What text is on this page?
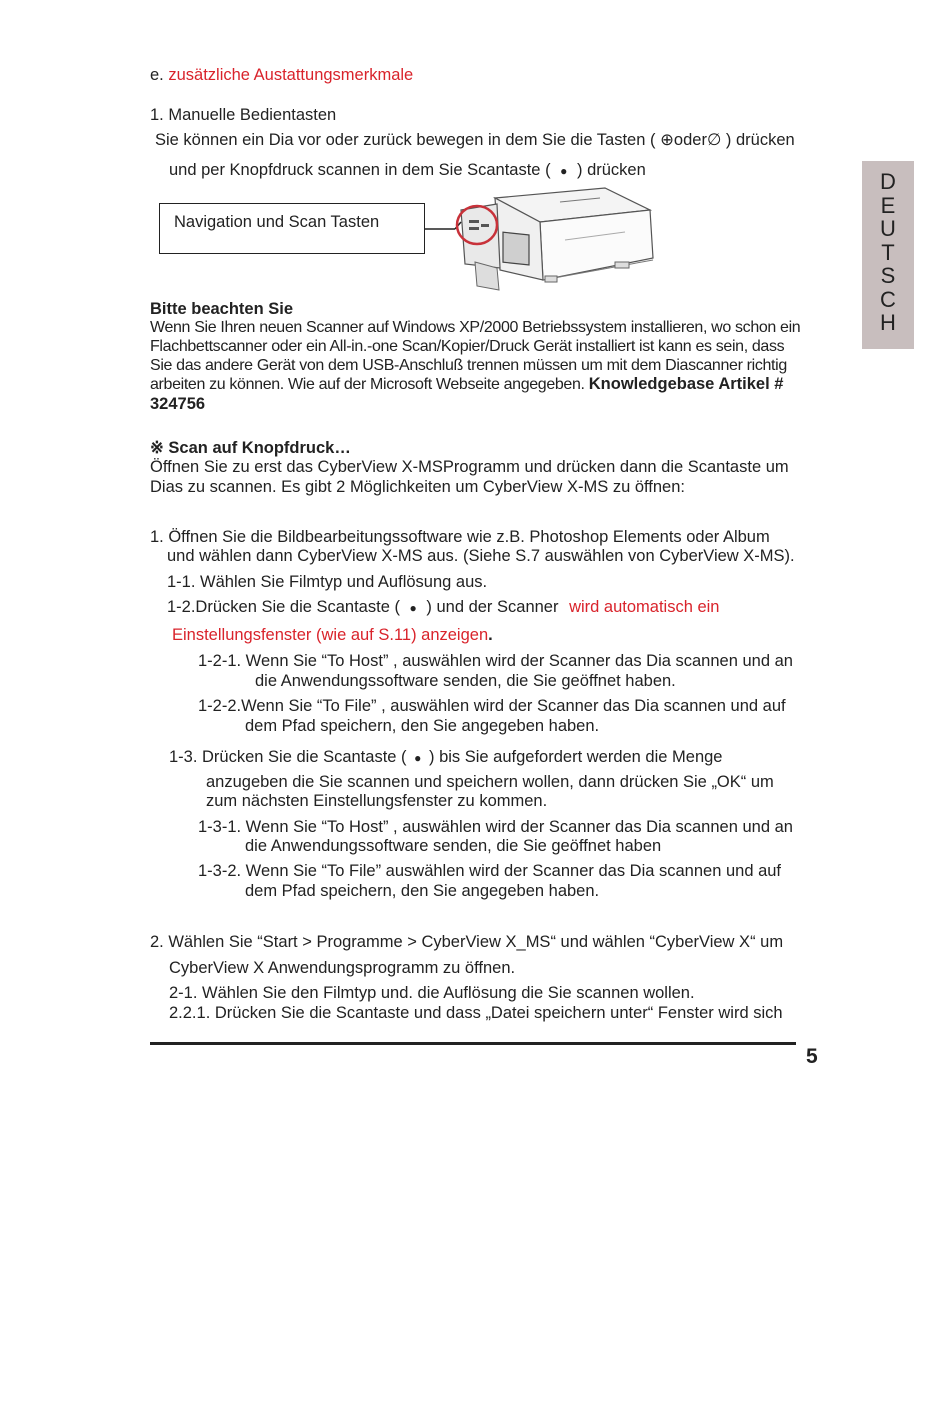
e. zusätzliche Austattungsmerkmale
1. Manuelle Bedientasten
Sie können ein Dia vor oder zurück bewegen in dem Sie die Tasten ( ⊕oder∅ ) drücken
und per Knopfdruck scannen in dem Sie Scantaste ( ● ) drücken
Navigation und Scan Tasten
D
E
U
T
S
C
H
Bitte beachten Sie
Wenn Sie Ihren neuen Scanner auf Windows XP/2000 Betriebssystem installieren, wo schon ein
Flachbettscanner oder ein All-in.-one Scan/Kopier/Druck Gerät installiert ist kann es sein, dass
Sie das andere Gerät von dem USB-Anschluß trennen müssen um mit dem Diascanner richtig
arbeiten zu können. Wie auf der Microsoft Webseite angegeben. Knowledgebase Artikel #
324756
※ Scan auf Knopfdruck…
Öffnen Sie zu erst das CyberView X-MSProgramm und drücken dann die Scantaste um
Dias zu scannen. Es gibt 2 Möglichkeiten um CyberView X-MS zu öffnen:
1. Öffnen Sie die Bildbearbeitungssoftware wie z.B. Photoshop Elements oder Album
und wählen dann CyberView X-MS aus. (Siehe S.7 auswählen von CyberView X-MS).
1-1. Wählen Sie Filmtyp und Auflösung aus.
1-2.Drücken Sie die Scantaste ( ● ) und der Scanner wird automatisch ein
Einstellungsfenster (wie auf S.11) anzeigen.
1-2-1. Wenn Sie “To Host” , auswählen wird der Scanner das Dia scannen und an
die Anwendungssoftware senden, die Sie geöffnet haben.
1-2-2.Wenn Sie “To File” , auswählen wird der Scanner das Dia scannen und auf
dem Pfad speichern, den Sie angegeben haben.
1-3. Drücken Sie die Scantaste ( ● ) bis Sie aufgefordert werden die Menge
anzugeben die Sie scannen und speichern wollen, dann drücken Sie „OK“ um
zum nächsten Einstellungsfenster zu kommen.
1-3-1. Wenn Sie “To Host” , auswählen wird der Scanner das Dia scannen und an
die Anwendungssoftware senden, die Sie geöffnet haben
1-3-2. Wenn Sie “To File” auswählen wird der Scanner das Dia scannen und auf
dem Pfad speichern, den Sie angegeben haben.
2. Wählen Sie “Start > Programme > CyberView X_MS“ und wählen “CyberView X“ um
CyberView X Anwendungsprogramm zu öffnen.
2-1. Wählen Sie den Filmtyp und. die Auflösung die Sie scannen wollen.
2.2.1. Drücken Sie die Scantaste und dass „Datei speichern unter“ Fenster wird sich
5
